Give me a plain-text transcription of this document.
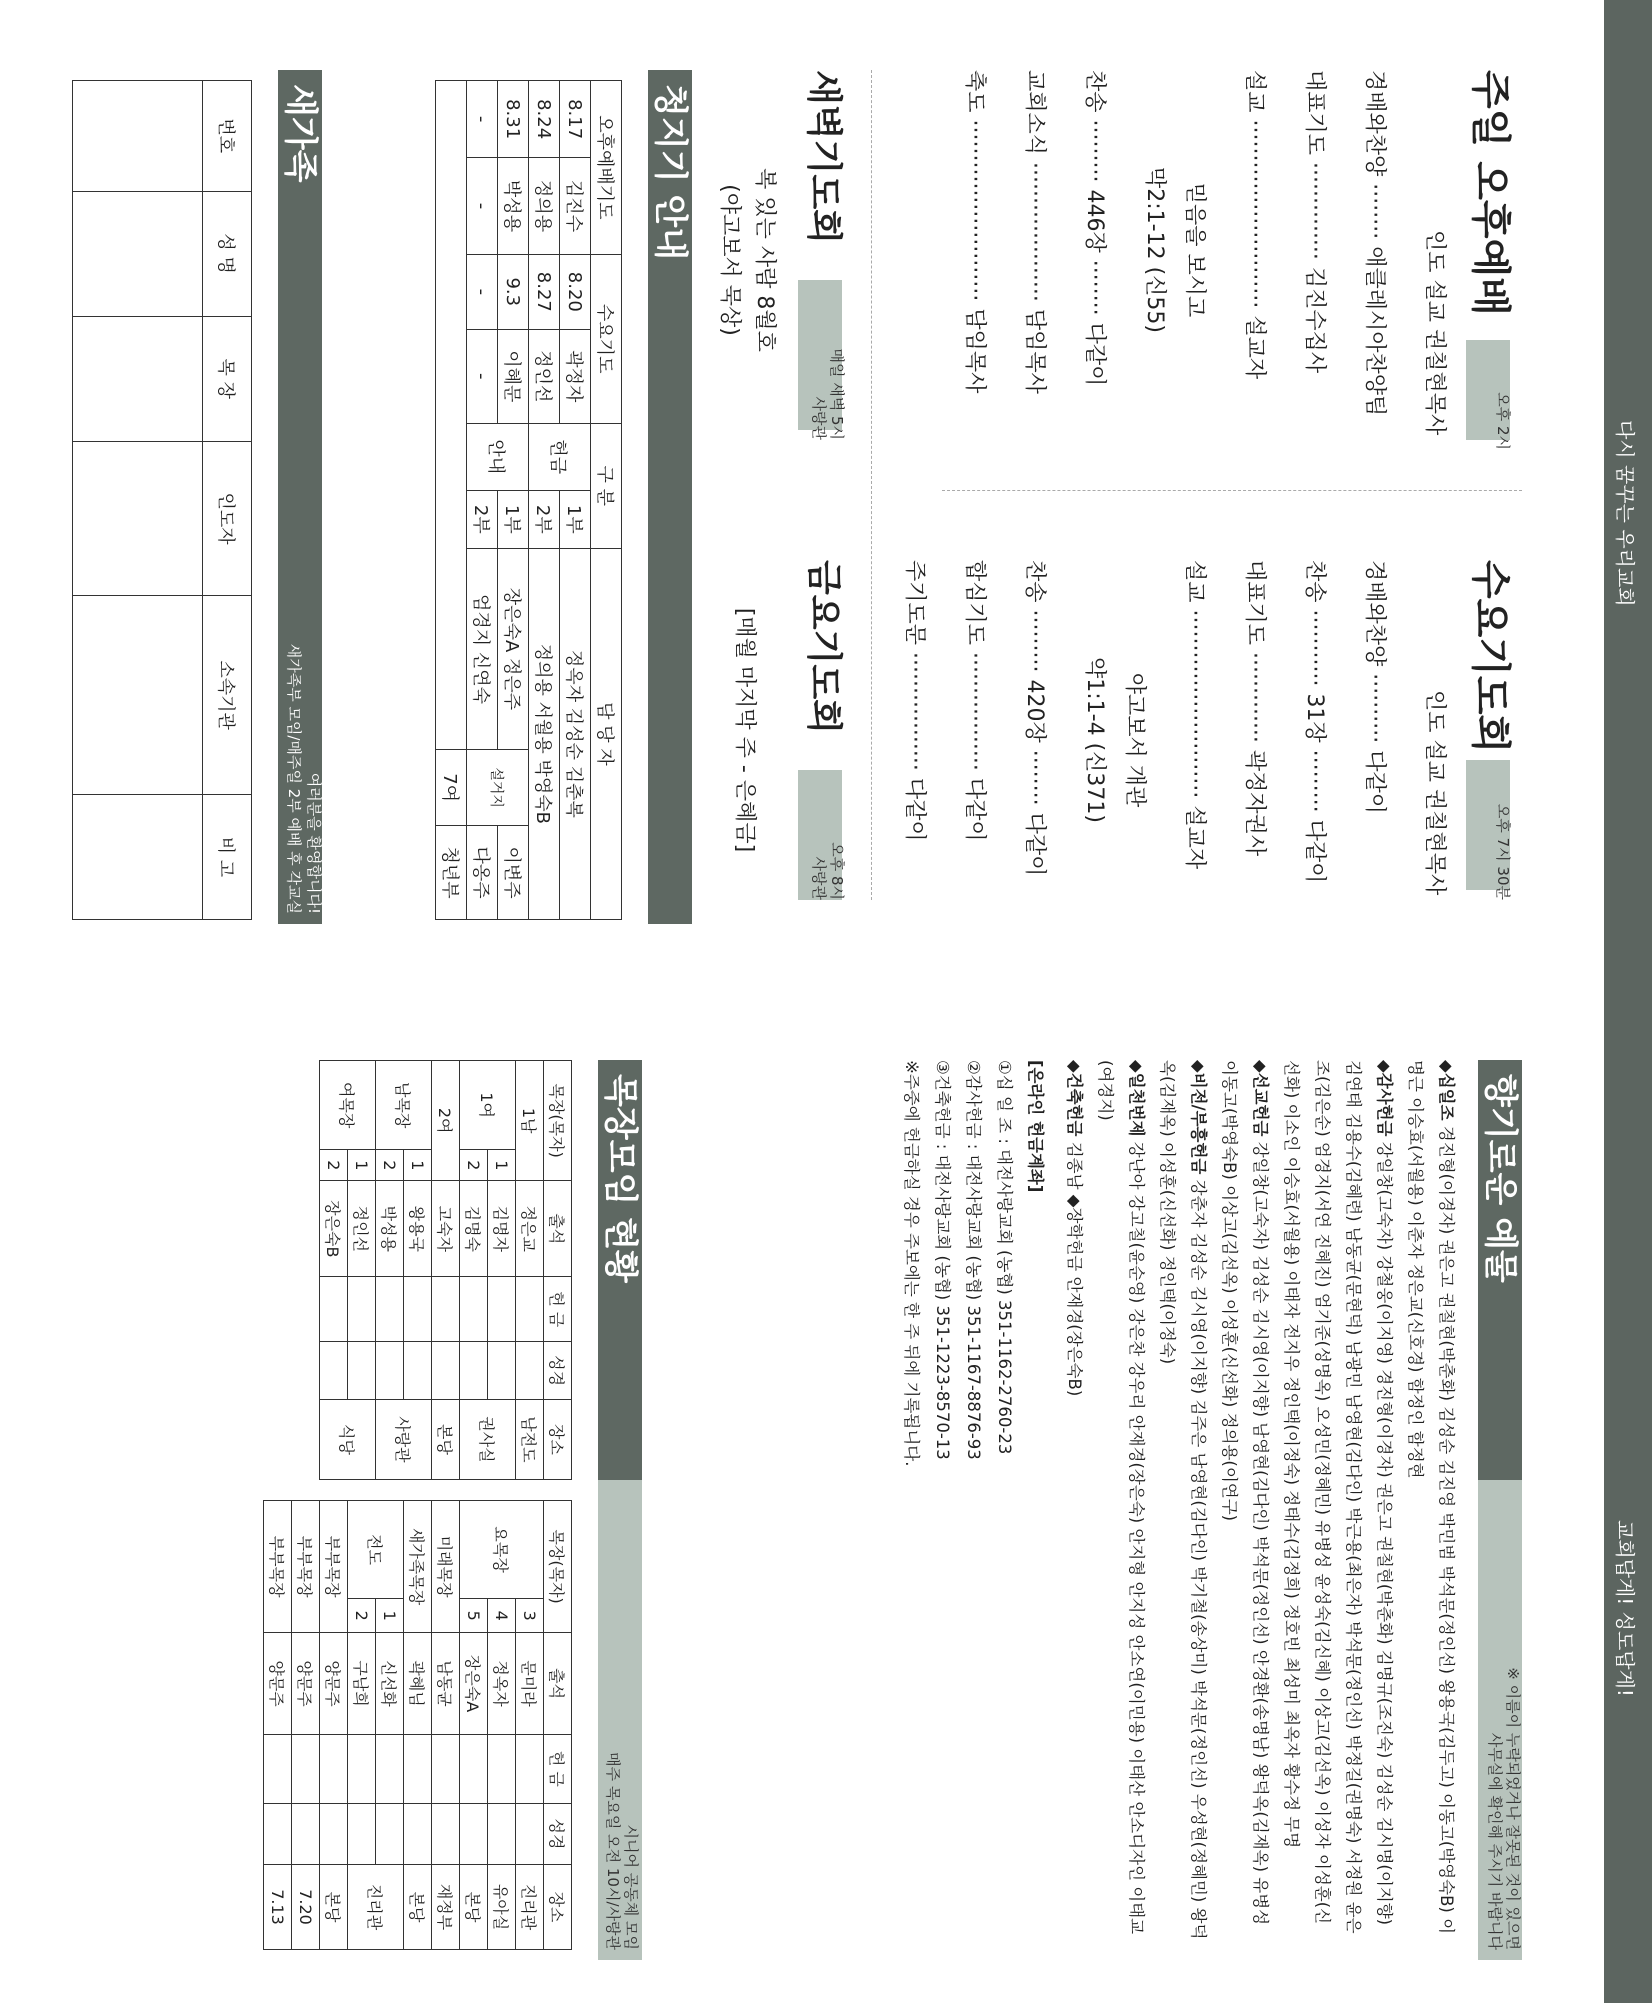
다시 꿈꾸는 우리교회
교회답게! 성도답게!
주일 오후예배
오후 2시
인도 설교 권칠현목사
경배와찬양 ········ 애클레시아찬양팀
대표기도 ·············· 김진수집사
설교 ··························· 설교자
믿음을 보시고
막2:1-12 (신55)
찬송 ········· 446장 ········ 다같이
교회소식 ···················· 담임목사
축도 ·························· 담임목사
수요기도회
오후 7시 30분
인도 설교 권칠현목사
경배와찬양 ·········· 다같이
찬송 ··········· 31장 ········· 다같이
대표기도 ············· 곽정자권사
설교 ··························· 설교자
야고보서 개관
약1:1-4 (신371)
찬송 ········· 420장 ········ 다같이
합심기도 ················· 다같이
주기도문 ················· 다같이
새벽기도회
매일 새벽 5시
사랑관
복 있는 사람 8월호
(야고보서 묵상)
금요기도회
오후 8시
사랑관
[매월 마지막 주 - 은혜금]
청지기 안내
오후예배기도		수요기도		구 분		담 당 자		
8.17	김진수	8.20	곽정자	헌금	1부	정옥자 김성순 김춘복		
8.24	정의용	8.27	정인선		2부	정의용 서월용 박영숙B		
8.31	박성용	9.3	이혜문	안내	1부	장은숙A 정은주	설거지	이변주
-	-	-	-		2부	엄경지 신연숙		다옹주
							7여	청년부
새가족
여러분을 환영합니다!
새가족부 모임/매주일 2부 예배 후 각교실
번호	성 명	목 장	인도자	소속기관	비 고

향기로운 예물
※ 이름이 누락되었거나 잘못된 것이 있으면
사무실에 확인해 주시기 바랍니다
◆십일조 경진형(이경자) 권은고 권칠현(박춘화) 김성순 김진영 박민범 박석문(정인선) 왕용국(김두고) 이동고(박영숙B) 이명근 이승효(서월용) 이춘자 정은교(신호경) 함정인 함정현
◆감사헌금 강일창(고숙자) 강철웅(이지영) 경진형(이경자) 권은고 권칠현(박춘화) 김명규(조진숙) 김성순 김시명(이지향) 김연태 김용수(김혜련) 남동균(문현덕) 남광민 남영현(김다인) 박근용(최은자) 박석문(정인선) 박정길(권명숙) 서정원 윤은조(김은순) 엄경지(서연 진혜진) 엄기준(성명옥) 오성민(정혜민) 유병성 윤성숙(김신혜) 이상고(김선옥) 이성자 이성훈(신선화) 이소인 이승효(서월용) 이태자 전지우 정인택(이정숙) 정태수(김정희) 정호빈 최성미 최옥자 황수정 무명
◆선교헌금 강일창(고숙자) 김성순 김시영(이지향) 남영현(김다인) 박석문(정인선) 안경환(송명남) 왕덕옥(김재옥) 유병성 이동고(박영숙B) 이상고(김선옥) 이성훈(신선화) 정의용(이연구)
◆비전/부흥헌금 강춘자 김성순 김시영(이지향) 김주은 남영현(김다인) 박기철(송상미) 박석문(정인선) 우성현(정혜민) 왕덕옥(김재옥) 이성훈(신선화) 정인택(이정숙)
◆일천번제 강난아 강고칠(윤순영) 강은찬 강우리 안재경(장은숙) 안지형 안지성 안소연(이민용) 이태산 안소디자인 이태교(여경지)
◆건축헌금 김종남 ◆장학헌금 안재경(장은숙B)
[온라인 헌금계좌]
①십 일 조 : 대전사랑교회 (농협) 351-1162-2760-23
②감사헌금 : 대전사랑교회 (농협) 351-1167-8876-93
③건축헌금 : 대전사랑교회 (농협) 351-1223-8570-13
※주중에 헌금하실 경우 주보에는 한 주 뒤에 기록됩니다.
목장모임 현황
시니어 공동체 모임
매주 목요일 오전 10시/사랑관
목장(목자)		출석	헌 금	성경	장소
1남		정은교			남전도
1여	1	김명자			권사실
	2	김명숙			
2여		고숙자			본당
남목장	1	왕용국			사랑관
	2	박성용			
여목장	1	정인선			식당
	2	장은숙B			
목장(목자)		출석	헌 금	성경	장소
요목장	3	문미라			진리관
	4	정옥자			유아실
	5	장은숙A			본당
미래목장		남동균			재정부
새가족목장		곽혜님			본당
전도	1	신선화			진리관
	2	구남희			
부부목장		양문주			본당
부부목장		양문주			7.20
부부목장		양문주			7.13
